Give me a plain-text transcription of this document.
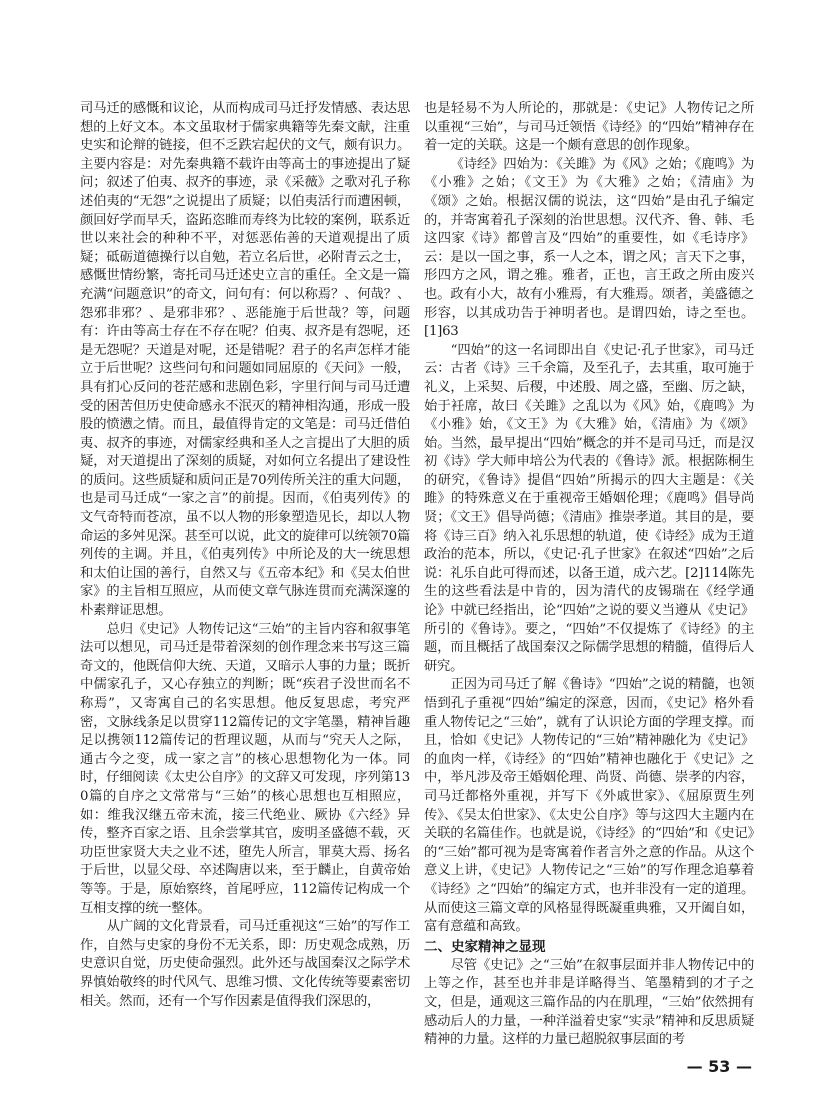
司马迁的感慨和议论，从而构成司马迁抒发情感、表达思想的上好文本。本文虽取材于儒家典籍等先秦文献，注重史实和论辩的链接，但不乏跌宕起伏的文气，颇有识力。主要内容是：对先秦典籍不载许由等高士的事迹提出了疑问；叙述了伯夷、叔齐的事迹，录《采薇》之歌对孔子称述伯夷的“无怨”之说提出了质疑；以伯夷活行而遭困顿，颜回好学而早夭，盗跖恣睢而寿终为比较的案例，联系近世以来社会的种种不平，对惩恶佑善的天道观提出了质疑；砥砺道德操行以自勉，若立名后世，必附青云之士，感慨世情纷繁，寄托司马迁述史立言的重任。全文是一篇充满“问题意识”的奇文，问句有：何以称焉？、何哉？、怨邪非邪？、是邪非邪？、恶能施于后世哉？等，问题有：许由等高士存在不存在呢？伯夷、叔齐是有怨呢，还是无怨呢？天道是对呢，还是错呢？君子的名声怎样才能立于后世呢？这些问句和问题如同屈原的《天问》一般，具有扪心反问的苍茫感和悲剧色彩，字里行间与司马迁遭受的困苦但历史使命感永不泯灭的精神相沟通，形成一股股的愤懑之情。而且，最值得肯定的文笔是：司马迁借伯夷、叔齐的事迹，对儒家经典和圣人之言提出了大胆的质疑，对天道提出了深刻的质疑，对如何立名提出了建设性的质问。这些质疑和质问正是70列传所关注的重大问题，也是司马迁成“一家之言”的前提。因而，《伯夷列传》的文气奇特而苍凉，虽不以人物的形象塑造见长，却以人物命运的多舛见深。甚至可以说，此文的旋律可以统领70篇列传的主调。并且，《伯夷列传》中所论及的大一统思想和太伯让国的善行，自然又与《五帝本纪》和《吴太伯世家》的主旨相互照应，从而使文章气脉连贯而充满深邃的朴素辩证思想。

总归《史记》人物传记这“三始”的主旨内容和叙事笔法可以想见，司马迁是带着深刻的创作理念来书写这三篇奇文的，他既信仰大统、天道，又暗示人事的力量；既折中儒家孔子，又心存独立的判断；既“疾君子没世而名不称焉”，又寄寓自己的名实思想。他反复思虑，考究严密，文脉线条足以贯穿112篇传记的文字笔墨，精神旨趣足以携领112篇传记的哲理议题，从而与“究天人之际，通古今之变，成一家之言”的核心思想物化为一体。同时，仔细阅读《太史公自序》的文辞又可发现，序列第130篇的自序之文常常与“三始”的核心思想也互相照应，如：维我汉继五帝末流，接三代绝业、厥协《六经》异传，整齐百家之语、且余尝掌其官，废明圣盛德不载，灭功臣世家贤大夫之业不述，堕先人所言，罪莫大焉、扬名于后世，以显父母、卒述陶唐以来，至于麟止，自黄帝始等等。于是，原始察终，首尾呼应，112篇传记构成一个互相支撑的统一整体。

从广阔的文化背景看，司马迁重视这“三始”的写作工作，自然与史家的身份不无关系，即：历史观念成熟，历史意识自觉，历史使命强烈。此外还与战国秦汉之际学术界慎始敬终的时代风气、思维习惯、文化传统等要素密切相关。然而，还有一个写作因素是值得我们深思的，

也是轻易不为人所论的，那就是：《史记》人物传记之所以重视“三始”，与司马迁领悟《诗经》的“四始”精神存在着一定的关联。这是一个颇有意思的创作现象。

《诗经》四始为：《关雎》为《风》之始；《鹿鸣》为《小雅》之始；《文王》为《大雅》之始；《清庙》为《颂》之始。根据汉儒的说法，这“四始”是由孔子编定的，并寄寓着孔子深刻的治世思想。汉代齐、鲁、韩、毛这四家《诗》都曾言及“四始”的重要性，如《毛诗序》云：是以一国之事，系一人之本，谓之风；言天下之事，形四方之风，谓之雅。雅者，正也，言王政之所由废兴也。政有小大，故有小雅焉，有大雅焉。颂者，美盛德之形容，以其成功告于神明者也。是谓四始，诗之至也。[1]63

“四始”的这一名词即出自《史记·孔子世家》，司马迁云：古者《诗》三千余篇，及至孔子，去其重，取可施于礼义，上采契、后稷，中述殷、周之盛，至幽、厉之缺，始于衽席，故曰《关雎》之乱以为《风》始，《鹿鸣》为《小雅》始，《文王》为《大雅》始，《清庙》为《颂》始。当然，最早提出“四始”概念的并不是司马迁，而是汉初《诗》学大师申培公为代表的《鲁诗》派。根据陈桐生的研究，《鲁诗》提倡“四始”所揭示的四大主题是：《关雎》的特殊意义在于重视帝王婚姻伦理；《鹿鸣》倡导尚贤；《文王》倡导尚德；《清庙》推崇孝道。其目的是，要将《诗三百》纳入礼乐思想的轨道，使《诗经》成为王道政治的范本，所以，《史记·孔子世家》在叙述“四始”之后说：礼乐自此可得而述，以备王道，成六艺。[2]114陈先生的这些看法是中肯的，因为清代的皮锡瑞在《经学通论》中就已经指出，论“四始”之说的要义当遵从《史记》所引的《鲁诗》。要之，“四始”不仅提炼了《诗经》的主题，而且概括了战国秦汉之际儒学思想的精髓，值得后人研究。

正因为司马迁了解《鲁诗》“四始”之说的精髓，也领悟到孔子重视“四始”编定的深意，因而，《史记》格外看重人物传记之“三始”，就有了认识论方面的学理支撑。而且，恰如《史记》人物传记的“三始”精神融化为《史记》的血肉一样，《诗经》的“四始”精神也融化于《史记》之中，举凡涉及帝王婚姻伦理、尚贤、尚德、崇孝的内容，司马迁都格外重视，并写下《外戚世家》、《屈原贾生列传》、《吴太伯世家》、《太史公自序》等与这四大主题内在关联的名篇佳作。也就是说，《诗经》的“四始”和《史记》的“三始”都可视为是寄寓着作者言外之意的作品。从这个意义上讲，《史记》人物传记之“三始”的写作理念追摹着《诗经》之“四始”的编定方式，也并非没有一定的道理。从而使这三篇文章的风格显得既凝重典雅，又开阖自如，富有意蕴和高致。

二、史家精神之显现

尽管《史记》之“三始”在叙事层面并非人物传记中的上等之作，甚至也并非是详略得当、笔墨精到的才子之文，但是，通观这三篇作品的内在肌理，“三始”依然拥有感动后人的力量，一种洋溢着史家“实录”精神和反思质疑精神的力量。这样的力量已超脱叙事层面的考

— 53 —
